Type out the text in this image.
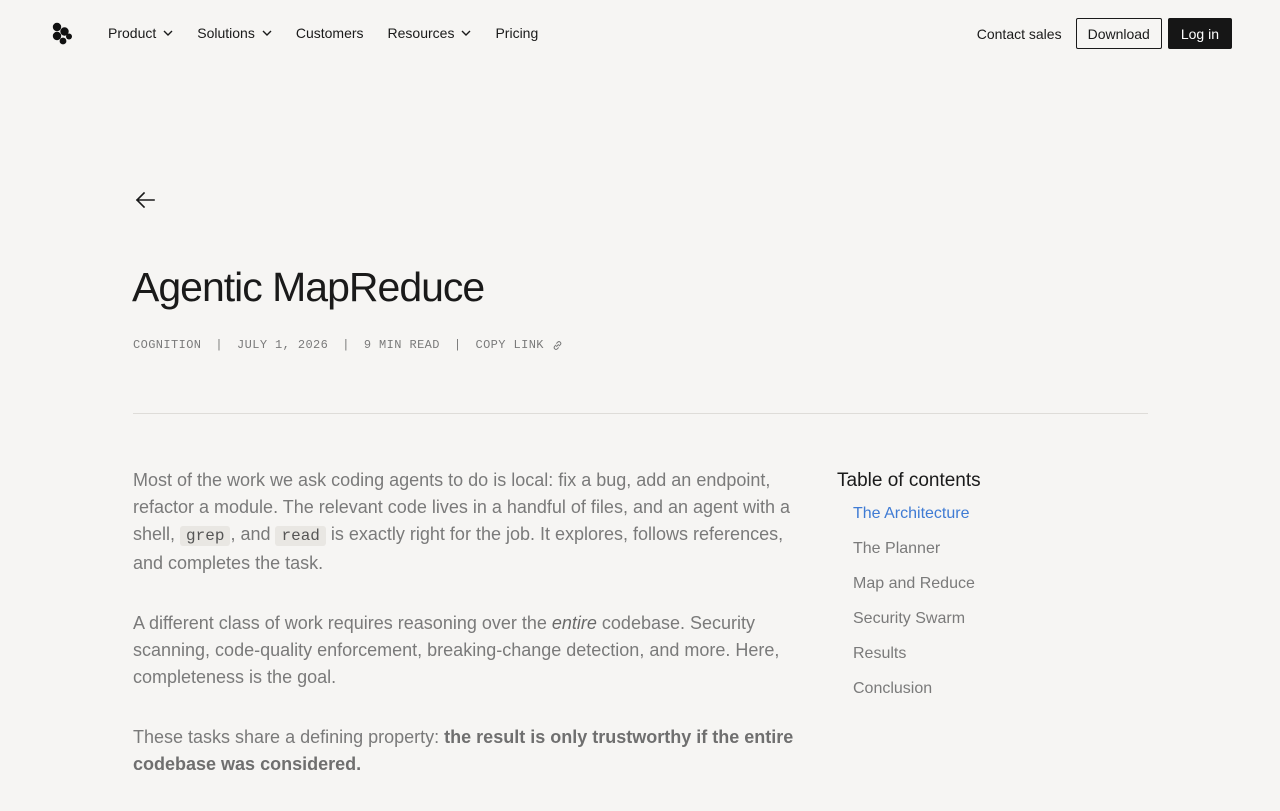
Product	Solutions	Customers Resources	Pricing	Contact sales	Download	Log in
Agentic MapReduce
COGNITION | JULY 1, 2026 | 9 MIN READ | COPY LINK

Most of the work we ask coding agents to do is local: fix a bug, add an endpoint, refactor a module. The relevant code lives in a handful of files, and an agent with a shell, grep , and read is exactly right for the job. It explores, follows references, and completes the task.

A different class of work requires reasoning over the entire codebase. Security scanning, code-quality enforcement, breaking-change detection, and more. Here, completeness is the goal.

These tasks share a defining property: the result is only trustworthy if the entire codebase was considered.

Table of contents
The Architecture
The Planner
Map and Reduce
Security Swarm
Results
Conclusion
